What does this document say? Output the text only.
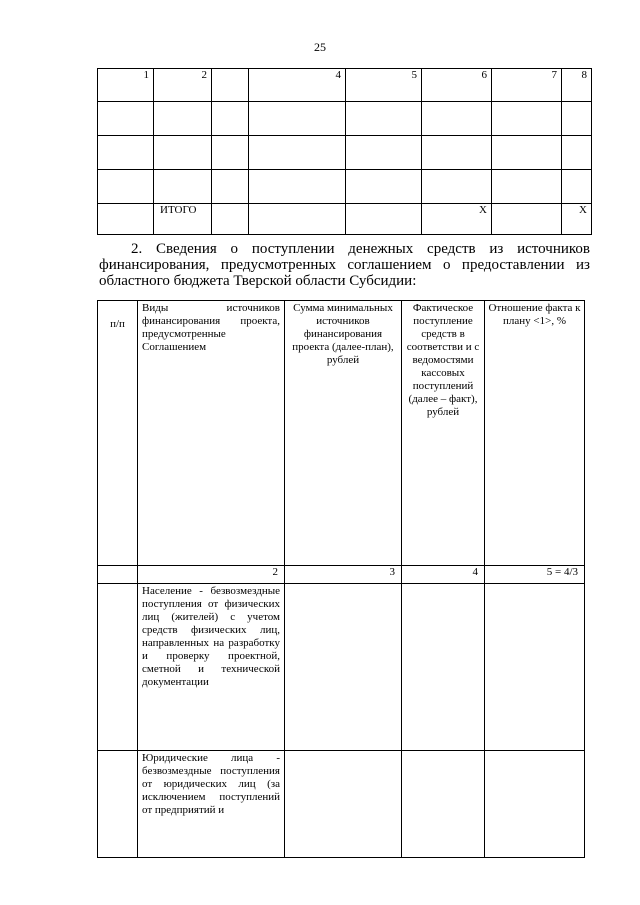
25
1	2		4	5	6	7	8

	ИТОГО				Х		Х
2. Сведения о поступлении денежных средств из источников финансирования, предусмотренных соглашением о предоставлении из областного бюджета Тверской области Субсидии:
п/п	Виды источников финансирования проекта, предусмотренные Соглашением	Сумма минимальных источников финансирования проекта (далее-план), рублей	Фактическое поступление средств в соответстви и с ведомостями кассовых поступлений (далее – факт), рублей	Отношение факта к плану <1>, %
	2	3	4	5 = 4/3
	Население - безвозмездные поступления от физических лиц (жителей) с учетом средств физических лиц, направленных на разработку и проверку проектной, сметной и технической документации			
	Юридические лица - безвозмездные поступления от юридических лиц (за исключением поступлений от предприятий и			
